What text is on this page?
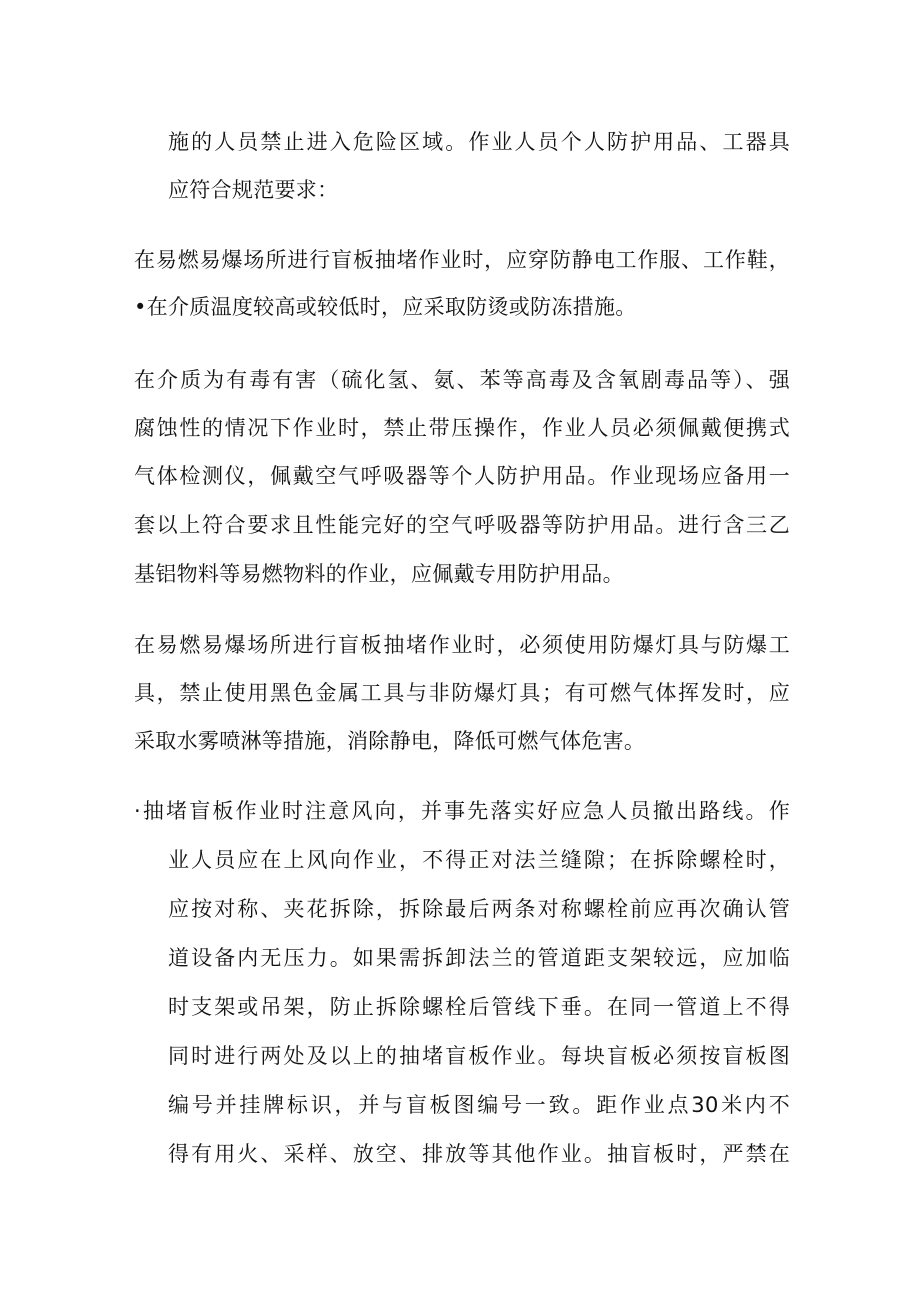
施的人员禁止进入危险区域。作业人员个人防护用品、工器具
应符合规范要求：
在易燃易爆场所进行盲板抽堵作业时，应穿防静电工作服、工作鞋，
•在介质温度较高或较低时，应采取防烫或防冻措施。
在介质为有毒有害（硫化氢、氨、苯等高毒及含氧剧毒品等）、强
腐蚀性的情况下作业时，禁止带压操作，作业人员必须佩戴便携式
气体检测仪，佩戴空气呼吸器等个人防护用品。作业现场应备用一
套以上符合要求且性能完好的空气呼吸器等防护用品。进行含三乙
基铝物料等易燃物料的作业，应佩戴专用防护用品。
在易燃易爆场所进行盲板抽堵作业时，必须使用防爆灯具与防爆工
具，禁止使用黑色金属工具与非防爆灯具；有可燃气体挥发时，应
采取水雾喷淋等措施，消除静电，降低可燃气体危害。
·抽堵盲板作业时注意风向，并事先落实好应急人员撤出路线。作
业人员应在上风向作业，不得正对法兰缝隙；在拆除螺栓时，
应按对称、夹花拆除，拆除最后两条对称螺栓前应再次确认管
道设备内无压力。如果需拆卸法兰的管道距支架较远，应加临
时支架或吊架，防止拆除螺栓后管线下垂。在同一管道上不得
同时进行两处及以上的抽堵盲板作业。每块盲板必须按盲板图
编号并挂牌标识，并与盲板图编号一致。距作业点30米内不
得有用火、采样、放空、排放等其他作业。抽盲板时，严禁在
